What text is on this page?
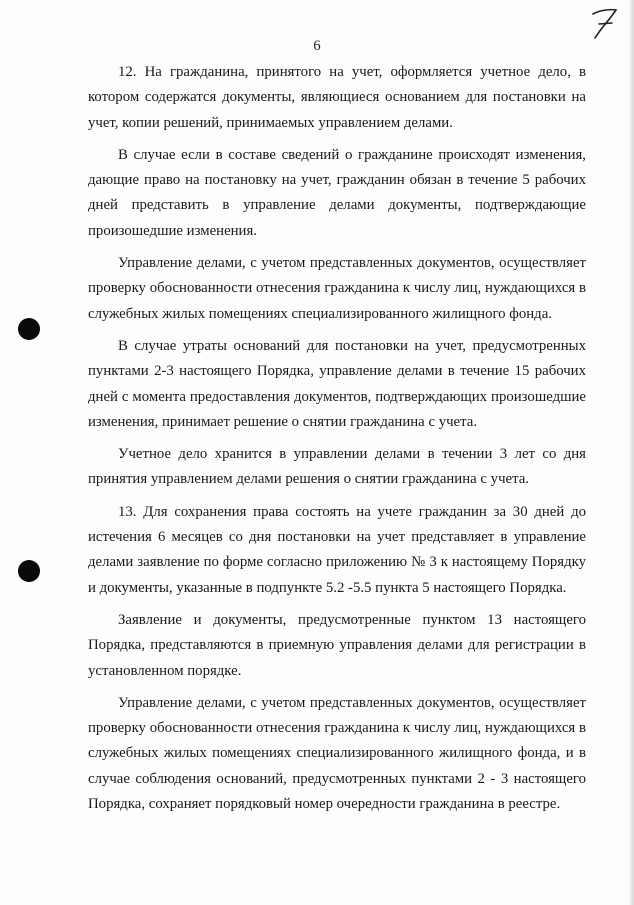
6

12. На гражданина, принятого на учет, оформляется учетное дело, в котором содержатся документы, являющиеся основанием для постановки на учет, копии решений, принимаемых управлением делами.

В случае если в составе сведений о гражданине происходят изменения, дающие право на постановку на учет, гражданин обязан в течение 5 рабочих дней представить в управление делами документы, подтверждающие произошедшие изменения.

Управление делами, с учетом представленных документов, осуществляет проверку обоснованности отнесения гражданина к числу лиц, нуждающихся в служебных жилых помещениях специализированного жилищного фонда.

В случае утраты оснований для постановки на учет, предусмотренных пунктами 2-3 настоящего Порядка, управление делами в течение 15 рабочих дней с момента предоставления документов, подтверждающих произошедшие изменения, принимает решение о снятии гражданина с учета.

Учетное дело хранится в управлении делами в течении 3 лет со дня принятия управлением делами решения о снятии гражданина с учета.

13. Для сохранения права состоять на учете гражданин за 30 дней до истечения 6 месяцев со дня постановки на учет представляет в управление делами заявление по форме согласно приложению № 3 к настоящему Порядку и документы, указанные в подпункте 5.2 -5.5 пункта 5 настоящего Порядка.

Заявление и документы, предусмотренные пунктом 13 настоящего Порядка, представляются в приемную управления делами для регистрации в установленном порядке.

Управление делами, с учетом представленных документов, осуществляет проверку обоснованности отнесения гражданина к числу лиц, нуждающихся в служебных жилых помещениях специализированного жилищного фонда, и в случае соблюдения оснований, предусмотренных пунктами 2 - 3 настоящего Порядка, сохраняет порядковый номер очередности гражданина в реестре.
